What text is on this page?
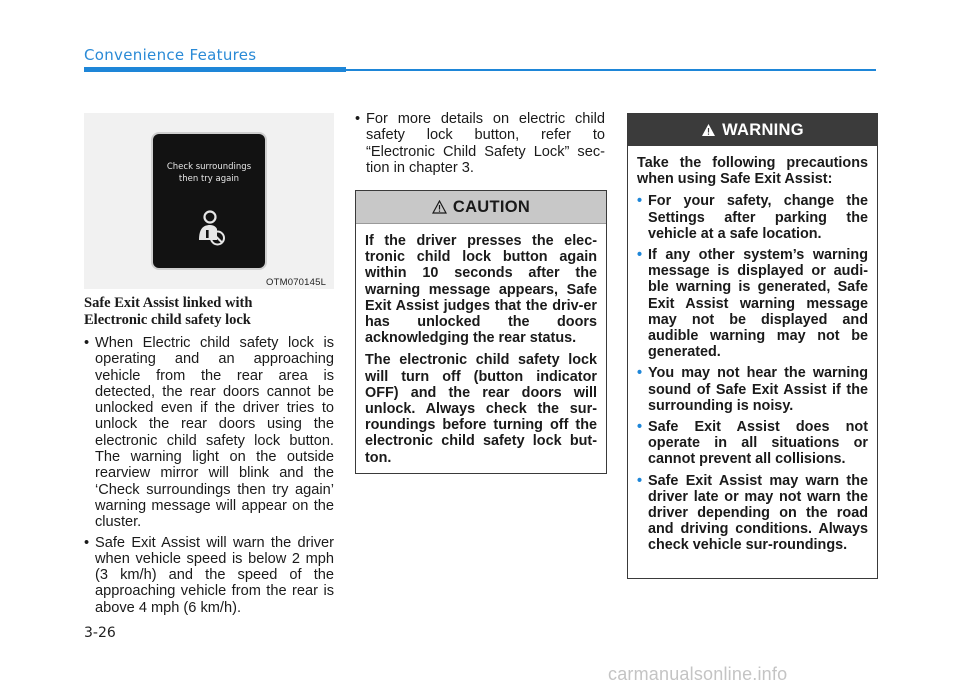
Convenience Features
Check surroundings
then try again
OTM070145L
Safe Exit Assist linked with
Electronic child safety lock
• When Electric child safety lock is operating and an approaching vehicle from the rear area is detected, the rear doors cannot be unlocked even if the driver tries to unlock the rear doors using the electronic child safety lock button. The warning light on the outside rearview mirror will blink and the ‘Check surroundings then try again’ warning message will appear on the cluster.
• Safe Exit Assist will warn the driver when vehicle speed is below 2 mph (3 km/h) and the speed of the approaching vehicle from the rear is above 4 mph (6 km/h).
• For more details on electric child safety lock button, refer to “Electronic Child Safety Lock” sec-tion in chapter 3.
CAUTION

If the driver presses the elec-tronic child lock button again within 10 seconds after the warning message appears, Safe Exit Assist judges that the driv-er has unlocked the doors acknowledging the rear status.

The electronic child safety lock will turn off (button indicator OFF) and the rear doors will unlock. Always check the sur-roundings before turning off the electronic child safety lock but-ton.

WARNING

Take the following precautions when using Safe Exit Assist:

• For your safety, change the Settings after parking the vehicle at a safe location.
• If any other system’s warning message is displayed or audi-ble warning is generated, Safe Exit Assist warning message may not be displayed and audible warning may not be generated.
• You may not hear the warning sound of Safe Exit Assist if the surrounding is noisy.
• Safe Exit Assist does not operate in all situations or cannot prevent all collisions.
• Safe Exit Assist may warn the driver late or may not warn the driver depending on the road and driving conditions. Always check vehicle sur-roundings.
3-26
carmanualsonline.info
